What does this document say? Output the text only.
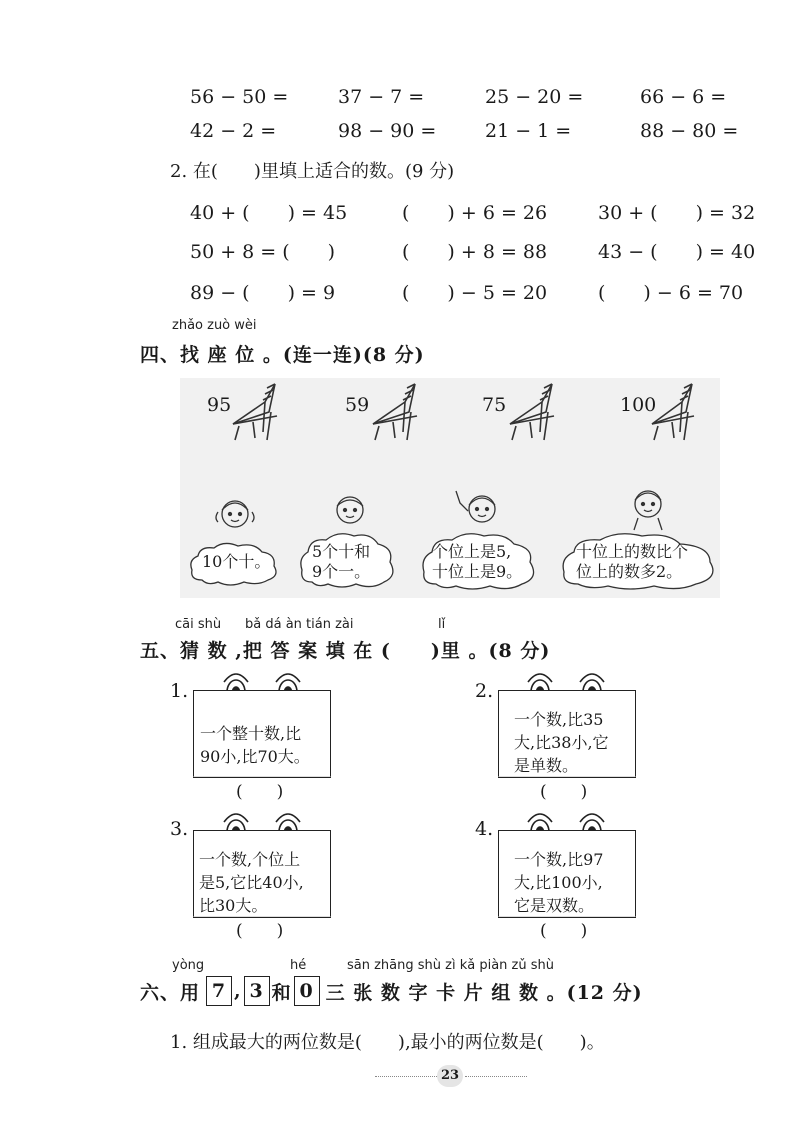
56 − 50 =	37 − 7 =	25 − 20 =	66 − 6 =
42 − 2 =	98 − 90 =	21 − 1 =	88 − 80 =
2. 在(　　)里填上适合的数。(9 分)
40 + (　　) = 45	(　　) + 6 = 26	30 + (　　) = 32
50 + 8 = (　　)	(　　) + 8 = 88	43 − (　　) = 40
89 − (　　) = 9	(　　) − 5 = 20	(　　) − 6 = 70
zhǎo zuò wèi
四、找 座 位 。(连一连)(8 分)
95	59	75	100
10个十。
5个十和
9个一。
个位上是5,
十位上是9。
十位上的数比个
位上的数多2。
cāi shù bǎ dá àn tián zài	lǐ
五、猜 数 ,把 答 案 填 在 (　　)里 。(8 分)
1.
一个整十数,比
90小,比70大。
(　　)
2.
一个数,比35
大,比38小,它
是单数。
(　　)
3.
一个数,个位上
是5,它比40小,
比30大。
(　　)
4.
一个数,比97
大,比100小,
它是双数。
(　　)
yòng	hé	sān zhāng shù zì kǎ piàn zǔ shù
六、用 7 , 3 和 0 三 张 数 字 卡 片 组 数 。(12 分)
1. 组成最大的两位数是(　　),最小的两位数是(　　)。
23
